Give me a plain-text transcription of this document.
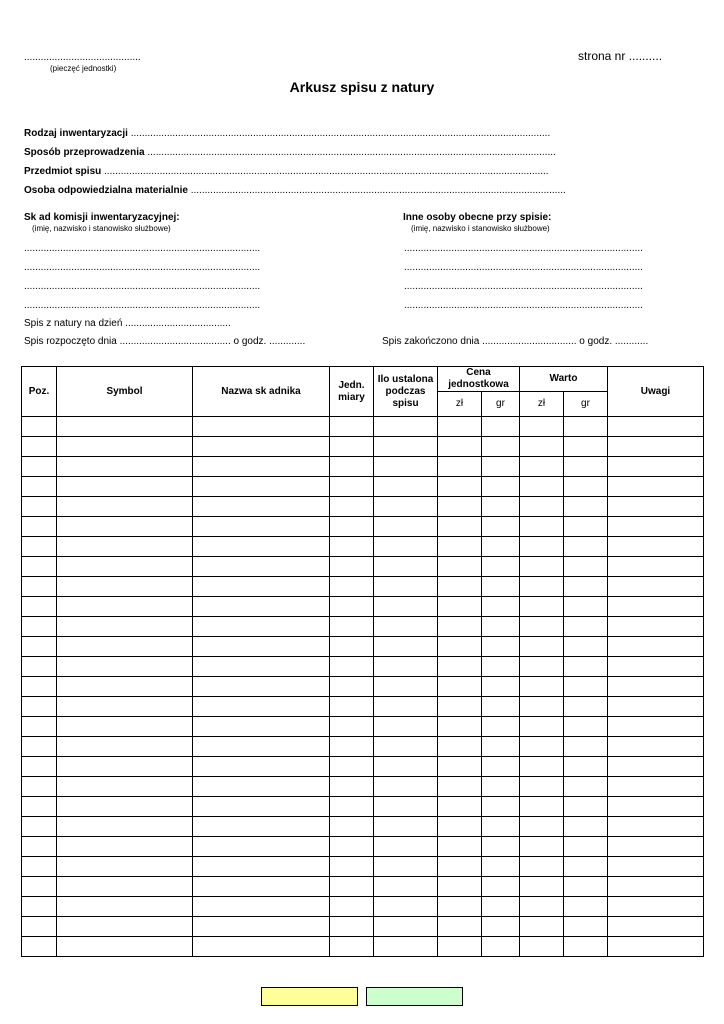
..........................................
(pieczęć jednostki)
strona nr ..........
Arkusz spisu z natury
Rodzaj inwentaryzacji .......................................................................................................................................................
Sposób przeprowadzenia ...................................................................................................................................................
Przedmiot spisu ................................................................................................................................................................
Osoba odpowiedzialna materialnie .......................................................................................................................................
Sk ad komisji inwentaryzacyjnej:
(imię, nazwisko i stanowisko służbowe)
Inne osoby obecne przy spisie:
(imię, nazwisko i stanowisko służbowe)
.....................................................................................
.....................................................................................
.....................................................................................
.....................................................................................
......................................................................................
......................................................................................
......................................................................................
......................................................................................
Spis z natury na dzień ......................................
Spis rozpoczęto dnia ........................................ o godz. .............	Spis zakończono dnia .................................. o godz. ............
Poz.	Symbol	Nazwa sk adnika	Jedn. miary	Ilo ustalona podczas spisu	Cena jednostkowa		Warto		Uwagi
					zł	gr	zł	gr	
